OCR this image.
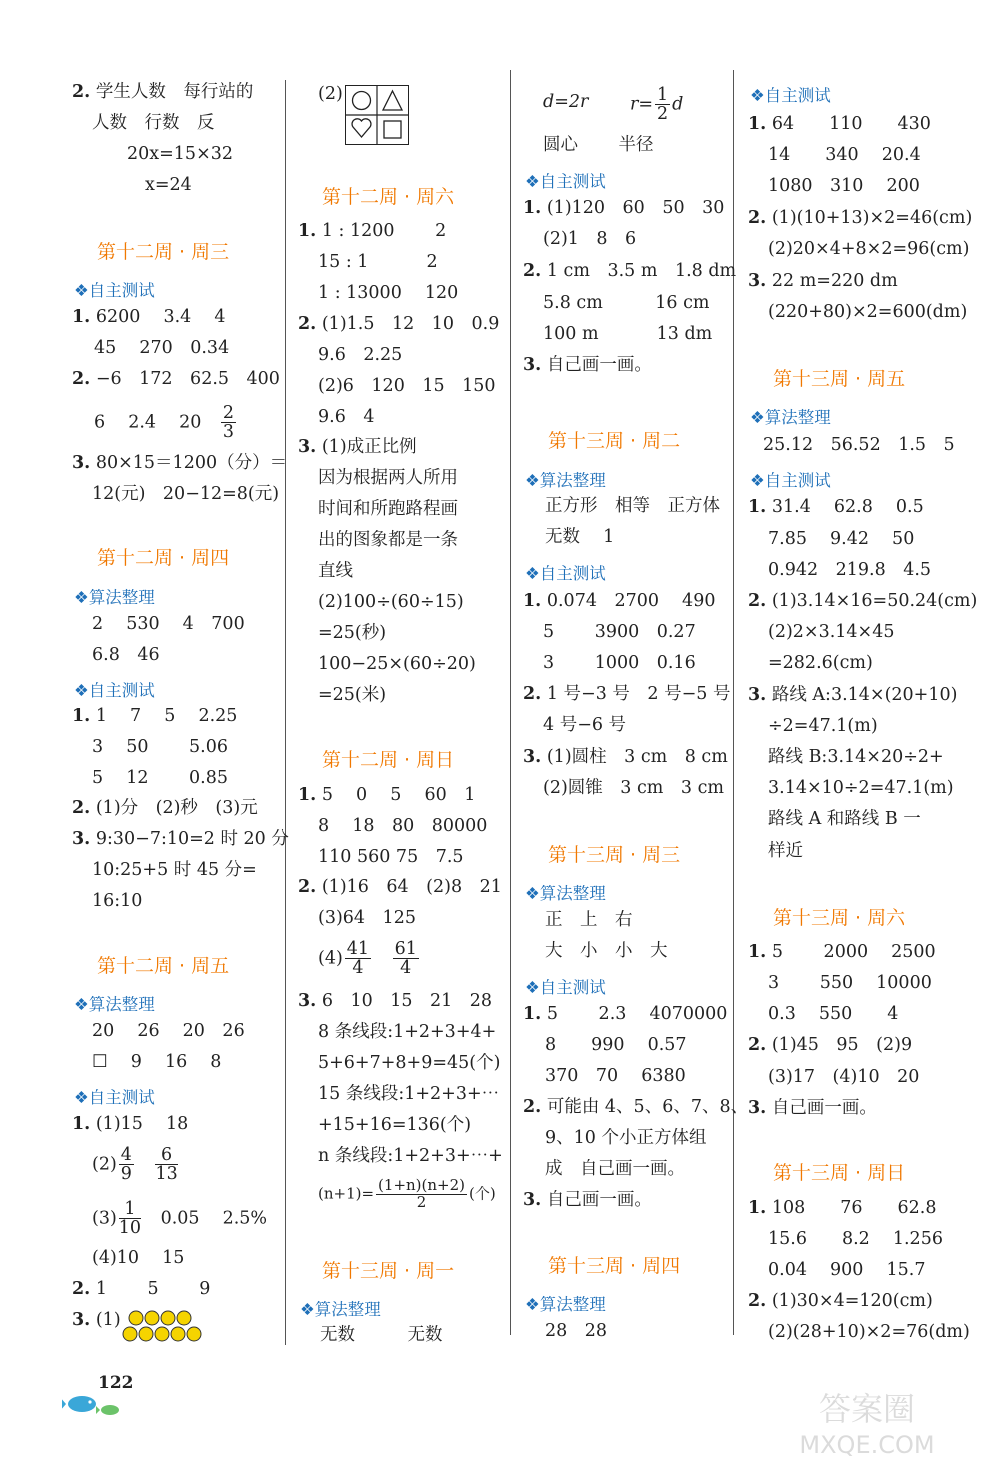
2. 学生人数　每行站的
人数　行数　反
20x=15×32
x=24
第十二周 · 周三
❖自主测试
1. 6200　 3.4　 4
45　 270　0.34
2. −6　172　62.5　400
6　 2.4　 20　 $\frac{2}{3}$
3. 80×15＝1200（分）＝
12(元)　20−12=8(元)
第十二周 · 周四
❖算法整理
2　 530　 4　700
6.8　46
❖自主测试
1. 1　 7　 5　 2.25
3　 50　　 5.06
5　 12　　 0.85
2. (1)分　(2)秒　(3)元
3. 9:30−7:10=2 时 20 分
10:25+5 时 45 分=
16:10
第十二周 · 周五
❖算法整理
20　 26　 20　26
☐　 9　 16　 8
❖自主测试
1. (1)15　 18
$(2) \frac{4}{9}$
　 $\frac{6}{13}$
$(3) \frac{1}{10}$
　 0.05　 2.5%
(4)10　 15
2. 1　　 5　　 9
3. (1)
(2)
第十二周 · 周六
1. 1 : 1200　　 2
15 : 1　　　 2
1 : 13000　 120
2. (1)1.5　12　10　0.9
9.6　2.25
(2)6　120　15　150
9.6　4
3. (1)成正比例
因为根据两人所用
时间和所跑路程画
出的图象都是一条
直线
(2)100÷(60÷15)
=25(秒)
100−25×(60÷20)
=25(米)
第十二周 · 周日
1. 5　 0　 5　 60　1
8　 18　80　80000
110 560 75　7.5
2. (1)16　64　(2)8　21
(3)64　125
$(4) \frac{41}{4}$
　 $\frac{61}{4}$
3. 6　10　15　21　28
8 条线段:1+2+3+4+
5+6+7+8+9=45(个)
15 条线段:1+2+3+⋯
+15+16=136(个)
n 条线段:1+2+3+⋯+
$(n+1)= \frac{(1+n)(n+2)}{2}$ (个)
第十三周 · 周一
❖算法整理
无数　　　无数
d=2r $r= \frac{1}{2}$ d
圆心　　 半径
❖自主测试
1. (1)120　60　50　30
(2)1　8　6
2. 1 cm　3.5 m　1.8 dm
5.8 cm　　　16 cm
100 m　　　 13 dm
3. 自己画一画。
第十三周 · 周二
❖算法整理
正方形　相等　正方体
无数　 1
❖自主测试
1. 0.074　2700　 490
5　　 3900　0.27
3　　 1000　0.16
2. 1 号−3 号　2 号−5 号
4 号−6 号
3. (1)圆柱　3 cm　8 cm
(2)圆锥　3 cm　3 cm
第十三周 · 周三
❖算法整理
正　上　右
大　小　小　大
❖自主测试
1. 5　　 2.3　 4070000
8　　990　 0.57
370　70　 6380
2. 可能由 4、5、6、7、8、
9、10 个小正方体组
成　自己画一画。
3. 自己画一画。
第十三周 · 周四
❖算法整理
28　28
❖自主测试
1. 64　　110　　430
14　　340　 20.4
1080　310　 200
2. (1)(10+13)×2=46(cm)
(2)20×4+8×2=96(cm)
3. 22 m=220 dm
(220+80)×2=600(dm)
第十三周 · 周五
❖算法整理
25.12　56.52　1.5　5
❖自主测试
1. 31.4　 62.8　 0.5
7.85　 9.42　 50
0.942　219.8　4.5
2. (1)3.14×16=50.24(cm)
(2)2×3.14×45
=282.6(cm)
3. 路线 A:3.14×(20+10)
÷2=47.1(m)
路线 B:3.14×20÷2+
3.14×10÷2=47.1(m)
路线 A 和路线 B 一
样近
第十三周 · 周六
1. 5　　 2000　 2500
3　　 550　 10000
0.3　 550　　4
2. (1)45　95　(2)9
(3)17　(4)10　20
3. 自己画一画。
第十三周 · 周日
1. 108　　76　　62.8
15.6　　8.2　 1.256
0.04　 900　 15.7
2. (1)30×4=120(cm)
(2)(28+10)×2=76(dm)
122
答案圈
MXQE.COM
